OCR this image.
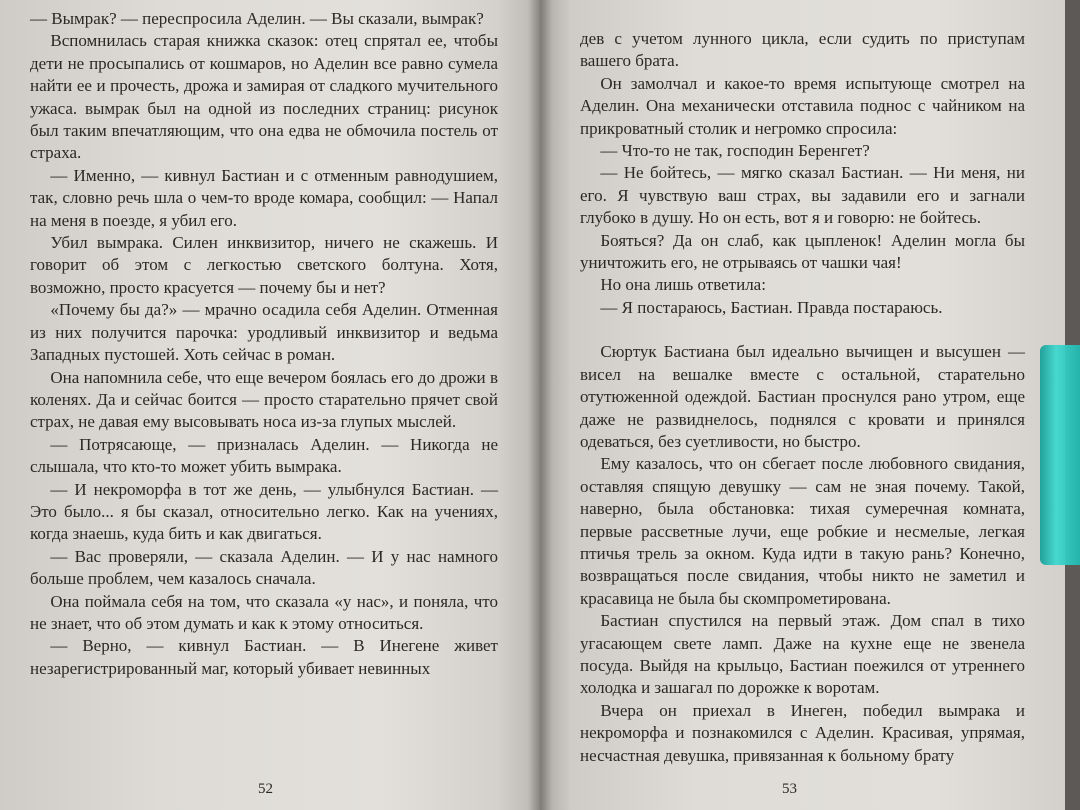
— Вымрак? — переспросила Аделин. — Вы сказали, вымрак?

Вспомнилась старая книжка сказок: отец спрятал ее, чтобы дети не просыпались от кошмаров, но Аделин все равно сумела найти ее и прочесть, дрожа и замирая от сладкого мучительного ужаса. вымрак был на одной из последних страниц: рисунок был таким впечатляющим, что она едва не обмочила постель от страха.

— Именно, — кивнул Бастиан и с отменным равнодушием, так, словно речь шла о чем-то вроде комара, сообщил: — Напал на меня в поезде, я убил его.

Убил вымрака. Силен инквизитор, ничего не скажешь. И говорит об этом с легкостью светского болтуна. Хотя, возможно, просто красуется — почему бы и нет?

«Почему бы да?» — мрачно осадила себя Аделин. Отменная из них получится парочка: уродливый инквизитор и ведьма Западных пустошей. Хоть сейчас в роман.

Она напомнила себе, что еще вечером боялась его до дрожи в коленях. Да и сейчас боится — просто старательно прячет свой страх, не давая ему высовывать носа из-за глупых мыслей.

— Потрясающе, — призналась Аделин. — Никогда не слышала, что кто-то может убить вымрака.

— И некроморфа в тот же день, — улыбнулся Бастиан. — Это было... я бы сказал, относительно легко. Как на учениях, когда знаешь, куда бить и как двигаться.

— Вас проверяли, — сказала Аделин. — И у нас намного больше проблем, чем казалось сначала.

Она поймала себя на том, что сказала «у нас», и поняла, что не знает, что об этом думать и как к этому относиться.

— Верно, — кивнул Бастиан. — В Инегене живет незарегистрированный маг, который убивает невинных

52

дев с учетом лунного цикла, если судить по приступам вашего брата.

Он замолчал и какое-то время испытующе смотрел на Аделин. Она механически отставила поднос с чайником на прикроватный столик и негромко спросила:

— Что-то не так, господин Беренгет?

— Не бойтесь, — мягко сказал Бастиан. — Ни меня, ни его. Я чувствую ваш страх, вы задавили его и загнали глубоко в душу. Но он есть, вот я и говорю: не бойтесь.

Бояться? Да он слаб, как цыпленок! Аделин могла бы уничтожить его, не отрываясь от чашки чая!

Но она лишь ответила:

— Я постараюсь, Бастиан. Правда постараюсь.

Сюртук Бастиана был идеально вычищен и высушен — висел на вешалке вместе с остальной, старательно отутюженной одеждой. Бастиан проснулся рано утром, еще даже не развиднелось, поднялся с кровати и принялся одеваться, без суетливости, но быстро.

Ему казалось, что он сбегает после любовного свидания, оставляя спящую девушку — сам не зная почему. Такой, наверно, была обстановка: тихая сумеречная комната, первые рассветные лучи, еще робкие и несмелые, легкая птичья трель за окном. Куда идти в такую рань? Конечно, возвращаться после свидания, чтобы никто не заметил и красавица не была бы скомпрометирована.

Бастиан спустился на первый этаж. Дом спал в тихо угасающем свете ламп. Даже на кухне еще не звенела посуда. Выйдя на крыльцо, Бастиан поежился от утреннего холодка и зашагал по дорожке к воротам.

Вчера он приехал в Инеген, победил вымрака и некроморфа и познакомился с Аделин. Красивая, упрямая, несчастная девушка, привязанная к больному брату

53
